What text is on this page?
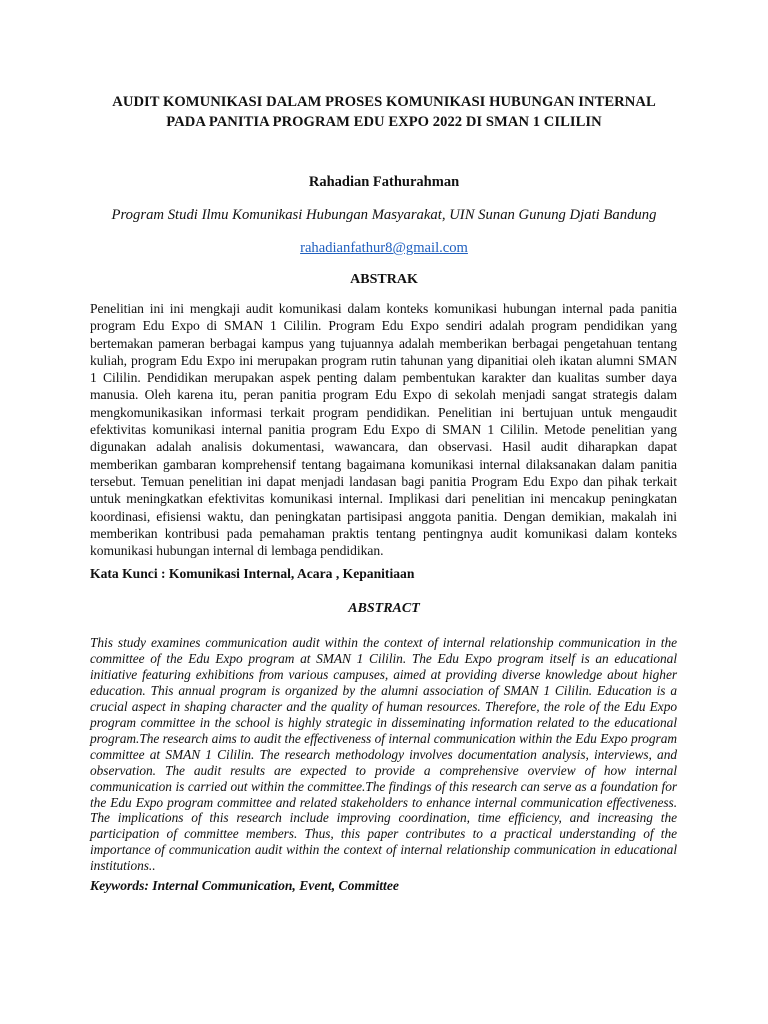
AUDIT KOMUNIKASI DALAM PROSES KOMUNIKASI HUBUNGAN INTERNAL
PADA PANITIA PROGRAM EDU EXPO 2022 DI SMAN 1 CILILIN
Rahadian Fathurahman
Program Studi Ilmu Komunikasi Hubungan Masyarakat, UIN Sunan Gunung Djati Bandung
rahadianfathur8@gmail.com
ABSTRAK
Penelitian ini ini mengkaji audit komunikasi dalam konteks komunikasi hubungan internal pada panitia program Edu Expo di SMAN 1 Cililin. Program Edu Expo sendiri adalah program pendidikan yang bertemakan pameran berbagai kampus yang tujuannya adalah memberikan berbagai pengetahuan tentang kuliah, program Edu Expo ini merupakan program rutin tahunan yang dipanitiai oleh ikatan alumni SMAN 1 Cililin. Pendidikan merupakan aspek penting dalam pembentukan karakter dan kualitas sumber daya manusia. Oleh karena itu, peran panitia program Edu Expo di sekolah menjadi sangat strategis dalam mengkomunikasikan informasi terkait program pendidikan. Penelitian ini bertujuan untuk mengaudit efektivitas komunikasi internal panitia program Edu Expo di SMAN 1 Cililin. Metode penelitian yang digunakan adalah analisis dokumentasi, wawancara, dan observasi. Hasil audit diharapkan dapat memberikan gambaran komprehensif tentang bagaimana komunikasi internal dilaksanakan dalam panitia tersebut. Temuan penelitian ini dapat menjadi landasan bagi panitia Program Edu Expo dan pihak terkait untuk meningkatkan efektivitas komunikasi internal. Implikasi dari penelitian ini mencakup peningkatan koordinasi, efisiensi waktu, dan peningkatan partisipasi anggota panitia. Dengan demikian, makalah ini memberikan kontribusi pada pemahaman praktis tentang pentingnya audit komunikasi dalam konteks komunikasi hubungan internal di lembaga pendidikan.
Kata Kunci : Komunikasi Internal, Acara , Kepanitiaan
ABSTRACT
This study examines communication audit within the context of internal relationship communication in the committee of the Edu Expo program at SMAN 1 Cililin. The Edu Expo program itself is an educational initiative featuring exhibitions from various campuses, aimed at providing diverse knowledge about higher education. This annual program is organized by the alumni association of SMAN 1 Cililin. Education is a crucial aspect in shaping character and the quality of human resources. Therefore, the role of the Edu Expo program committee in the school is highly strategic in disseminating information related to the educational program.The research aims to audit the effectiveness of internal communication within the Edu Expo program committee at SMAN 1 Cililin. The research methodology involves documentation analysis, interviews, and observation. The audit results are expected to provide a comprehensive overview of how internal communication is carried out within the committee.The findings of this research can serve as a foundation for the Edu Expo program committee and related stakeholders to enhance internal communication effectiveness. The implications of this research include improving coordination, time efficiency, and increasing the participation of committee members. Thus, this paper contributes to a practical understanding of the importance of communication audit within the context of internal relationship communication in educational institutions..
Keywords: Internal Communication, Event, Committee
